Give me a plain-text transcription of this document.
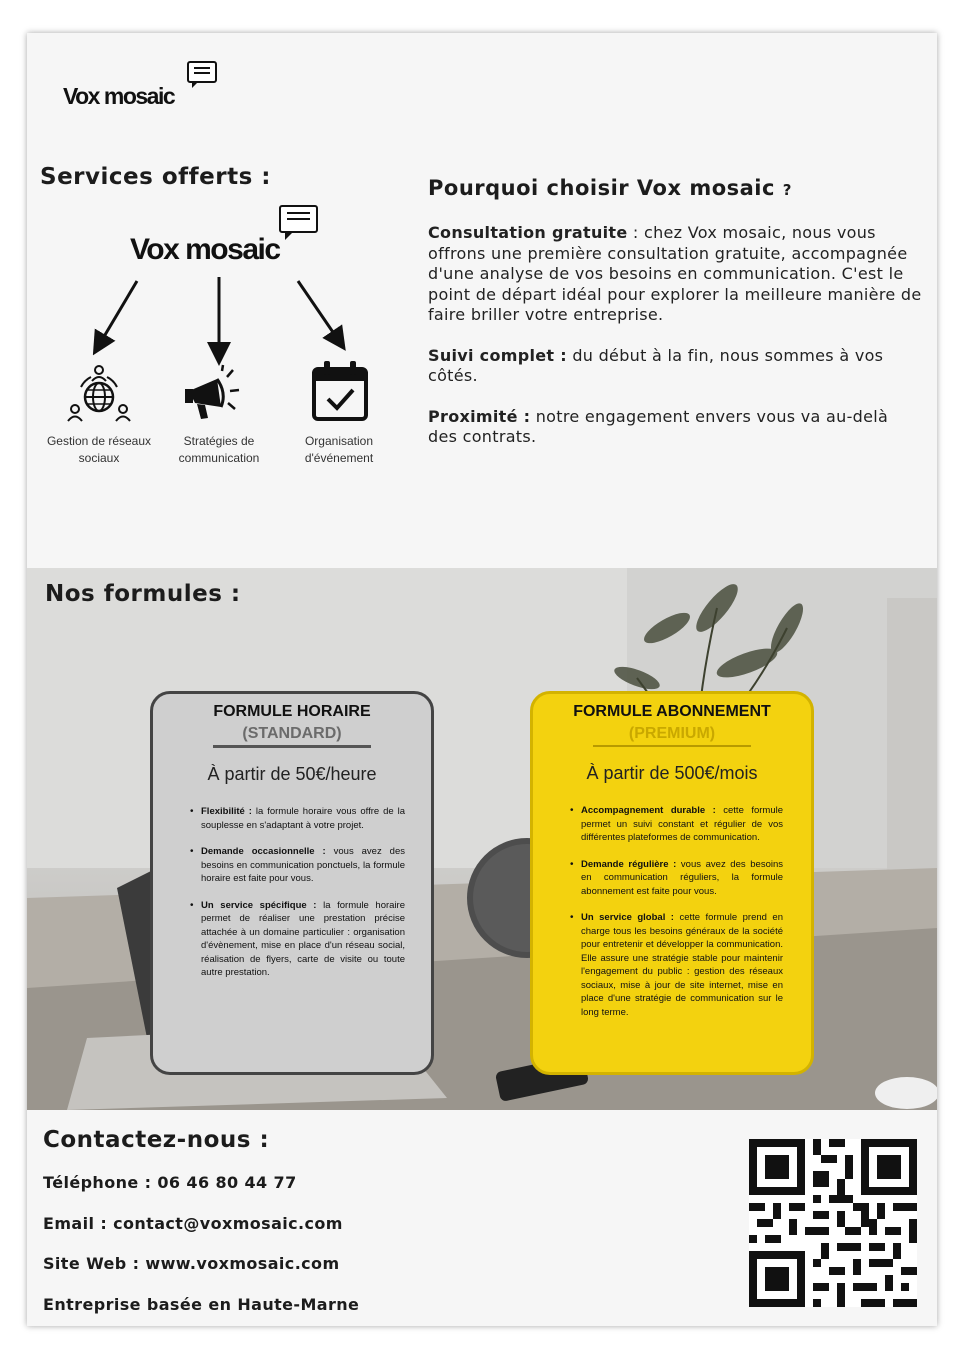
Vox mosaic
Services offerts :
Vox mosaic
Gestion de réseaux
sociaux
Stratégies de
communication
Organisation
d'événement
Pourquoi choisir Vox mosaic ?

Consultation gratuite : chez Vox mosaic, nous vous offrons une première consultation gratuite, accompagnée d'une analyse de vos besoins en communication. C'est le point de départ idéal pour explorer la meilleure manière de faire briller votre entreprise.

Suivi complet : du début à la fin, nous sommes à vos côtés.

Proximité : notre engagement envers vous va au-delà des contrats.

Nos formules :
FORMULE HORAIRE
(STANDARD)
À partir de 50€/heure
• Flexibilité : la formule horaire vous offre de la souplesse en s'adaptant à votre projet.
• Demande occasionnelle : vous avez des besoins en communication ponctuels, la formule horaire est faite pour vous.
• Un service spécifique : la formule horaire permet de réaliser une prestation précise attachée à un domaine particulier : organisation d'évènement, mise en place d'un réseau social, réalisation de flyers, carte de visite ou toute autre prestation.
FORMULE ABONNEMENT
(PREMIUM)
À partir de 500€/mois
• Accompagnement durable : cette formule permet un suivi constant et régulier de vos différentes plateformes de communication.
• Demande régulière : vous avez des besoins en communication réguliers, la formule abonnement est faite pour vous.
• Un service global : cette formule prend en charge tous les besoins généraux de la société pour entretenir et développer la communication. Elle assure une stratégie stable pour maintenir l'engagement du public : gestion des réseaux sociaux, mise à jour de site internet, mise en place d'une stratégie de communication sur le long terme.
Contactez-nous :
Téléphone : 06 46 80 44 77
Email : contact@voxmosaic.com
Site Web : www.voxmosaic.com
Entreprise basée en Haute-Marne
